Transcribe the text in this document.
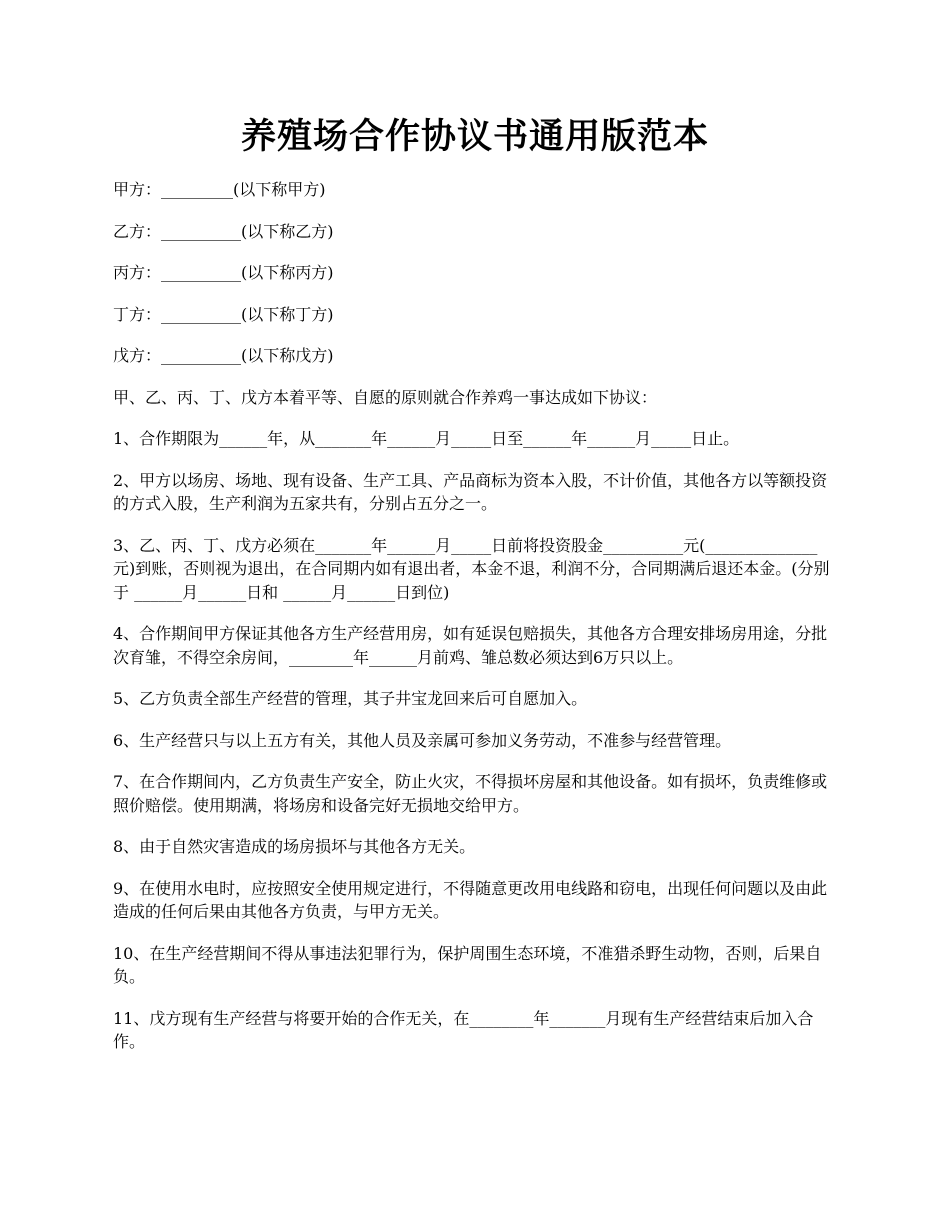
养殖场合作协议书通用版范本

甲方：_________(以下称甲方)

乙方：__________(以下称乙方)

丙方：__________(以下称丙方)

丁方：__________(以下称丁方)

戊方：__________(以下称戊方)

甲、乙、丙、丁、戊方本着平等、自愿的原则就合作养鸡一事达成如下协议：

1、合作期限为______年，从_______年______月_____日至______年______月_____日止。

2、甲方以场房、场地、现有设备、生产工具、产品商标为资本入股，不计价值，其他各方以等额投资的方式入股，生产利润为五家共有，分别占五分之一。

3、乙、丙、丁、戊方必须在_______年______月_____日前将投资股金__________元(______________元)到账，否则视为退出，在合同期内如有退出者，本金不退，利润不分，合同期满后退还本金。(分别于 ______月______日和 ______月______日到位)

4、合作期间甲方保证其他各方生产经营用房，如有延误包赔损失，其他各方合理安排场房用途，分批次育雏，不得空余房间，________年______月前鸡、雏总数必须达到6万只以上。

5、乙方负责全部生产经营的管理，其子井宝龙回来后可自愿加入。

6、生产经营只与以上五方有关，其他人员及亲属可参加义务劳动，不准参与经营管理。

7、在合作期间内，乙方负责生产安全，防止火灾，不得损坏房屋和其他设备。如有损坏，负责维修或照价赔偿。使用期满，将场房和设备完好无损地交给甲方。

8、由于自然灾害造成的场房损坏与其他各方无关。

9、在使用水电时，应按照安全使用规定进行，不得随意更改用电线路和窃电，出现任何问题以及由此造成的任何后果由其他各方负责，与甲方无关。

10、在生产经营期间不得从事违法犯罪行为，保护周围生态环境，不准猎杀野生动物，否则，后果自负。

11、戊方现有生产经营与将要开始的合作无关，在________年_______月现有生产经营结束后加入合作。
